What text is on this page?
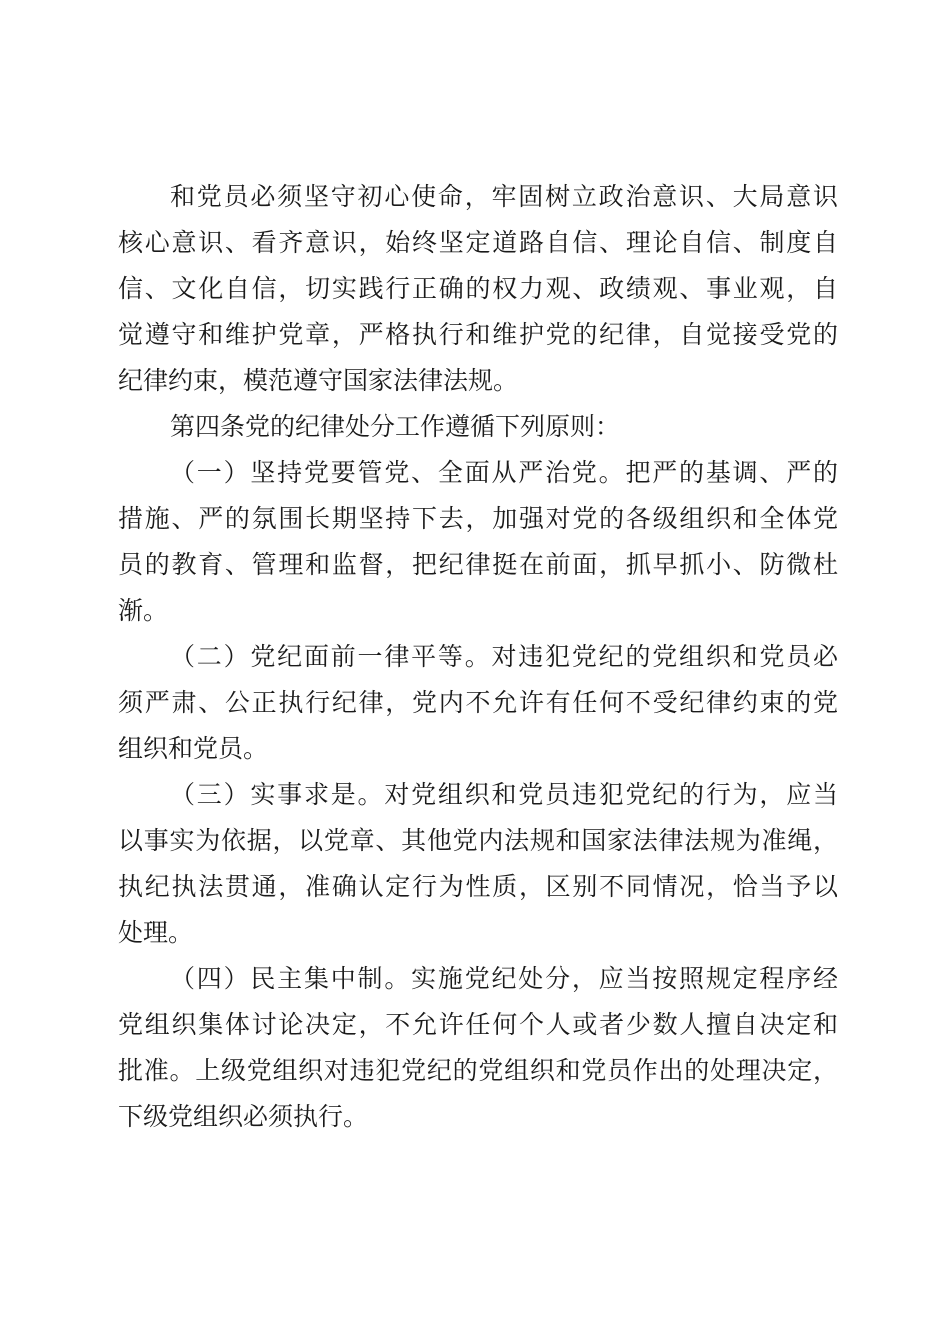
和党员必须坚守初心使命，牢固树立政治意识、大局意识
核心意识、看齐意识，始终坚定道路自信、理论自信、制度自
信、文化自信，切实践行正确的权力观、政绩观、事业观，自
觉遵守和维护党章，严格执行和维护党的纪律，自觉接受党的
纪律约束，模范遵守国家法律法规。
第四条党的纪律处分工作遵循下列原则：
（一）坚持党要管党、全面从严治党。把严的基调、严的
措施、严的氛围长期坚持下去，加强对党的各级组织和全体党
员的教育、管理和监督，把纪律挺在前面，抓早抓小、防微杜
渐。
（二）党纪面前一律平等。对违犯党纪的党组织和党员必
须严肃、公正执行纪律，党内不允许有任何不受纪律约束的党
组织和党员。
（三）实事求是。对党组织和党员违犯党纪的行为，应当
以事实为依据，以党章、其他党内法规和国家法律法规为准绳，
执纪执法贯通，准确认定行为性质，区别不同情况，恰当予以
处理。
（四）民主集中制。实施党纪处分，应当按照规定程序经
党组织集体讨论决定，不允许任何个人或者少数人擅自决定和
批准。上级党组织对违犯党纪的党组织和党员作出的处理决定，
下级党组织必须执行。
